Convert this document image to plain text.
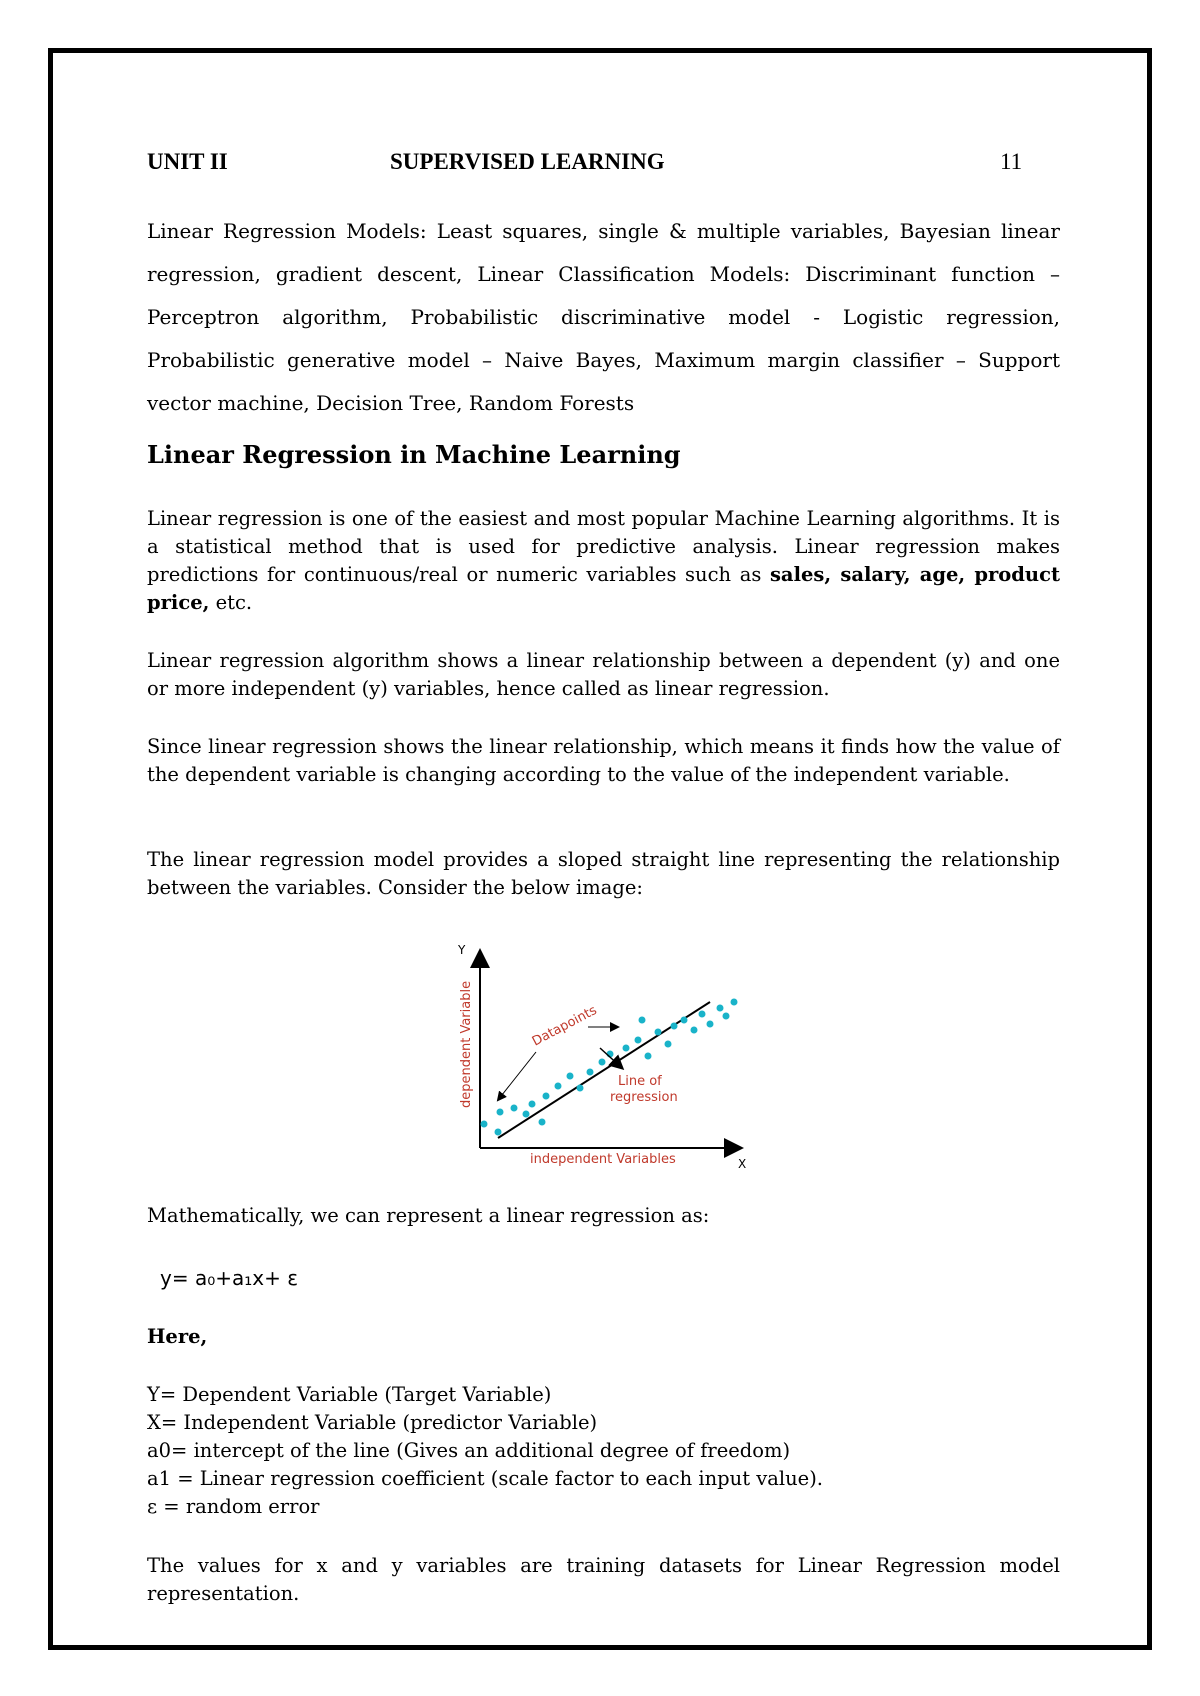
UNIT II	SUPERVISED LEARNING	11
Linear Regression Models: Least squares, single & multiple variables, Bayesian linear regression, gradient descent, Linear Classification Models: Discriminant function – Perceptron algorithm, Probabilistic discriminative model - Logistic regression, Probabilistic generative model – Naive Bayes, Maximum margin classifier – Support vector machine, Decision Tree, Random Forests
Linear Regression in Machine Learning

Linear regression is one of the easiest and most popular Machine Learning algorithms. It is a statistical method that is used for predictive analysis. Linear regression makes predictions for continuous/real or numeric variables such as sales, salary, age, product price, etc.

Linear regression algorithm shows a linear relationship between a dependent (y) and one or more independent (y) variables, hence called as linear regression.

Since linear regression shows the linear relationship, which means it finds how the value of the dependent variable is changing according to the value of the independent variable.

The linear regression model provides a sloped straight line representing the relationship between the variables. Consider the below image:

Y
X
dependent Variable
independent Variables
Datapoints
Line of
regression

Mathematically, we can represent a linear regression as:

y= a₀+a₁x+ ε

Here,

Y= Dependent Variable (Target Variable)
X= Independent Variable (predictor Variable)
a0= intercept of the line (Gives an additional degree of freedom)
a1 = Linear regression coefficient (scale factor to each input value).
ε = random error

The values for x and y variables are training datasets for Linear Regression model representation.
